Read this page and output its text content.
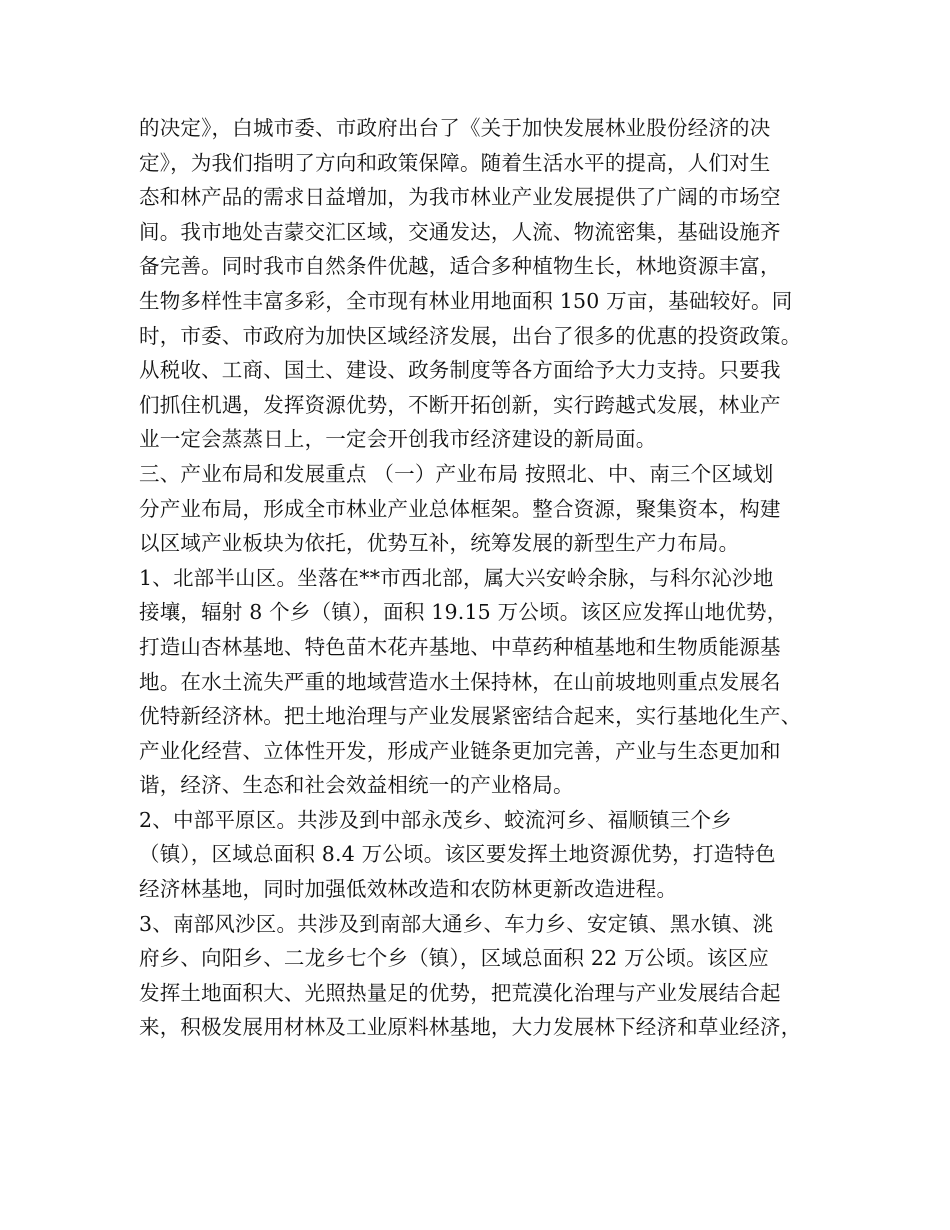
的决定》，白城市委、市政府出台了《关于加快发展林业股份经济的决
定》，为我们指明了方向和政策保障。随着生活水平的提高，人们对生
态和林产品的需求日益增加，为我市林业产业发展提供了广阔的市场空
间。我市地处吉蒙交汇区域，交通发达，人流、物流密集，基础设施齐
备完善。同时我市自然条件优越，适合多种植物生长，林地资源丰富，
生物多样性丰富多彩，全市现有林业用地面积 150 万亩，基础较好。同
时，市委、市政府为加快区域经济发展，出台了很多的优惠的投资政策。
从税收、工商、国土、建设、政务制度等各方面给予大力支持。只要我
们抓住机遇，发挥资源优势，不断开拓创新，实行跨越式发展，林业产
业一定会蒸蒸日上，一定会开创我市经济建设的新局面。
三、产业布局和发展重点 （一）产业布局 按照北、中、南三个区域划
分产业布局，形成全市林业产业总体框架。整合资源，聚集资本，构建
以区域产业板块为依托，优势互补，统筹发展的新型生产力布局。
1、北部半山区。坐落在**市西北部，属大兴安岭余脉，与科尔沁沙地
接壤，辐射 8 个乡（镇），面积 19.15 万公顷。该区应发挥山地优势，
打造山杏林基地、特色苗木花卉基地、中草药种植基地和生物质能源基
地。在水土流失严重的地域营造水土保持林，在山前坡地则重点发展名
优特新经济林。把土地治理与产业发展紧密结合起来，实行基地化生产、
产业化经营、立体性开发，形成产业链条更加完善，产业与生态更加和
谐，经济、生态和社会效益相统一的产业格局。
2、中部平原区。共涉及到中部永茂乡、蛟流河乡、福顺镇三个乡
（镇），区域总面积 8.4 万公顷。该区要发挥土地资源优势，打造特色
经济林基地，同时加强低效林改造和农防林更新改造进程。
3、南部风沙区。共涉及到南部大通乡、车力乡、安定镇、黑水镇、洮
府乡、向阳乡、二龙乡七个乡（镇），区域总面积 22 万公顷。该区应
发挥土地面积大、光照热量足的优势，把荒漠化治理与产业发展结合起
来，积极发展用材林及工业原料林基地，大力发展林下经济和草业经济，
